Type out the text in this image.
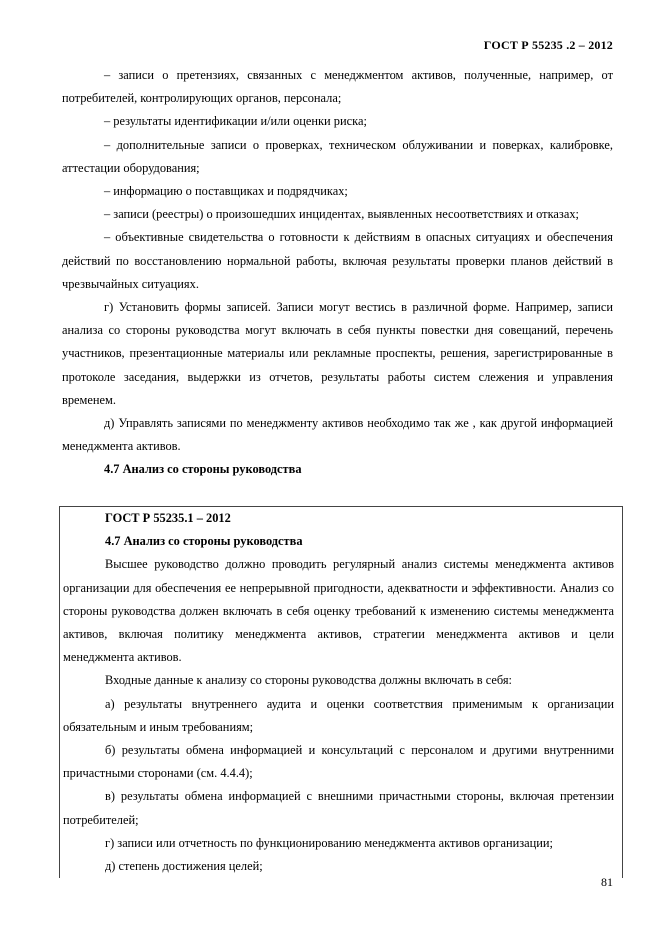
ГОСТ Р 55235 .2 – 2012

– записи о претензиях, связанных с менеджментом активов, полученные, например, от потребителей, контролирующих органов, персонала;

– результаты идентификации и/или оценки риска;

– дополнительные записи о проверках, техническом облуживании и поверках, калибровке, аттестации оборудования;

– информацию о поставщиках и подрядчиках;

– записи (реестры) о произошедших инцидентах, выявленных несоответствиях и отказах;

– объективные свидетельства о готовности к действиям в опасных ситуациях и обеспечения действий по восстановлению нормальной работы, включая результаты проверки планов действий в чрезвычайных ситуациях.

г) Установить формы записей. Записи могут вестись в различной форме. Например, записи анализа со стороны руководства могут включать в себя пункты повестки дня совещаний, перечень участников, презентационные материалы или рекламные проспекты, решения, зарегистрированные в протоколе заседания, выдержки из отчетов, результаты работы систем слежения и управления временем.

д) Управлять записями по менеджменту активов необходимо так же , как другой информацией менеджмента активов.

4.7 Анализ со стороны руководства

ГОСТ Р 55235.1 – 2012

4.7 Анализ со стороны руководства

Высшее руководство должно проводить регулярный анализ системы менеджмента активов организации для обеспечения ее непрерывной пригодности, адекватности и эффективности. Анализ со стороны руководства должен включать в себя оценку требований к изменению системы менеджмента активов, включая политику менеджмента активов, стратегии менеджмента активов и цели менеджмента активов.

Входные данные к анализу со стороны руководства должны включать в себя:

а) результаты внутреннего аудита и оценки соответствия применимым к организации обязательным и иным требованиям;

б) результаты обмена информацией и консультаций с персоналом и другими внутренними причастными сторонами (см. 4.4.4);

в) результаты обмена информацией с внешними причастными стороны, включая претензии потребителей;

г) записи или отчетность по функционированию менеджмента активов организации;

д) степень достижения целей;

81
